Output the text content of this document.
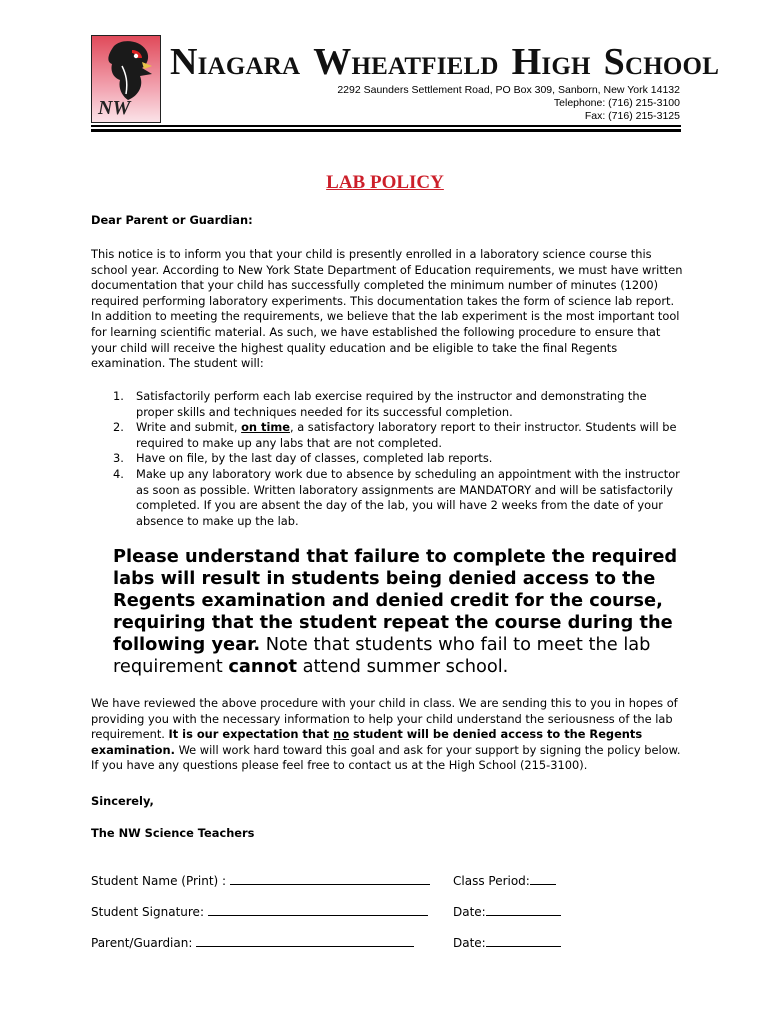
NW
NIAGARA WHEATFIELD HIGH SCHOOL
2292 Saunders Settlement Road, PO Box 309, Sanborn, New York 14132
Telephone: (716) 215-3100
Fax: (716) 215-3125
LAB POLICY
Dear Parent or Guardian:
This notice is to inform you that your child is presently enrolled in a laboratory science course this school year. According to New York State Department of Education requirements, we must have written documentation that your child has successfully completed the minimum number of minutes (1200) required performing laboratory experiments. This documentation takes the form of science lab report. In addition to meeting the requirements, we believe that the lab experiment is the most important tool for learning scientific material. As such, we have established the following procedure to ensure that your child will receive the highest quality education and be eligible to take the final Regents examination. The student will:
1. Satisfactorily perform each lab exercise required by the instructor and demonstrating the proper skills and techniques needed for its successful completion.
2. Write and submit, on time, a satisfactory laboratory report to their instructor. Students will be required to make up any labs that are not completed.
3. Have on file, by the last day of classes, completed lab reports.
4. Make up any laboratory work due to absence by scheduling an appointment with the instructor as soon as possible. Written laboratory assignments are MANDATORY and will be satisfactorily completed. If you are absent the day of the lab, you will have 2 weeks from the date of your absence to make up the lab.
Please understand that failure to complete the required labs will result in students being denied access to the Regents examination and denied credit for the course, requiring that the student repeat the course during the following year. Note that students who fail to meet the lab requirement cannot attend summer school.
We have reviewed the above procedure with your child in class. We are sending this to you in hopes of providing you with the necessary information to help your child understand the seriousness of the lab requirement. It is our expectation that no student will be denied access to the Regents examination. We will work hard toward this goal and ask for your support by signing the policy below. If you have any questions please feel free to contact us at the High School (215-3100).
Sincerely,
The NW Science Teachers
Student Name (Print) :	Class Period:
Student Signature:	Date:
Parent/Guardian:	Date:
